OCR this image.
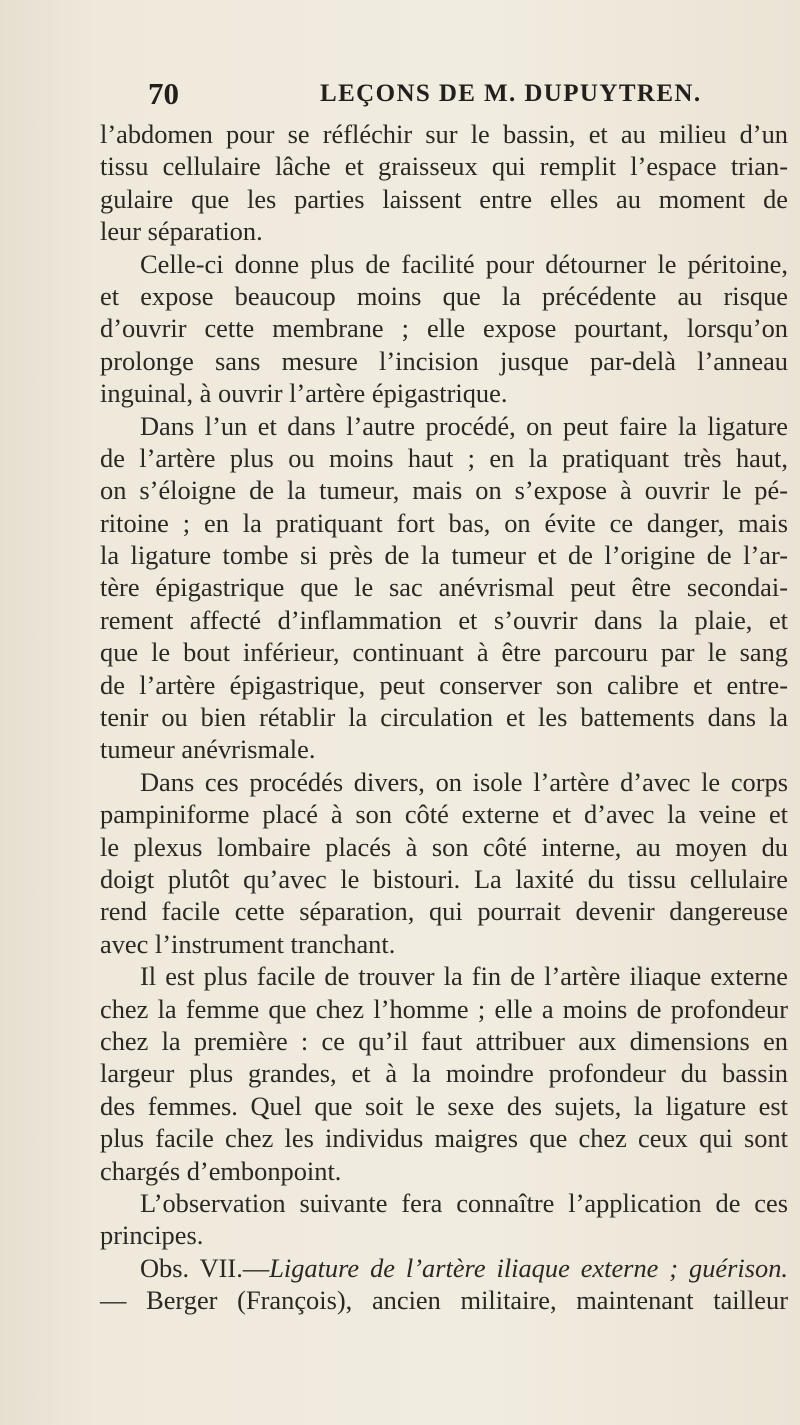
70	LEÇONS DE M. DUPUYTREN.
l’abdomen pour se réfléchir sur le bassin, et au milieu d’un
tissu cellulaire lâche et graisseux qui remplit l’espace trian-
gulaire que les parties laissent entre elles au moment de
leur séparation.
Celle-ci donne plus de facilité pour détourner le péritoine,
et expose beaucoup moins que la précédente au risque
d’ouvrir cette membrane ; elle expose pourtant, lorsqu’on
prolonge sans mesure l’incision jusque par-delà l’anneau
inguinal, à ouvrir l’artère épigastrique.
Dans l’un et dans l’autre procédé, on peut faire la ligature
de l’artère plus ou moins haut ; en la pratiquant très haut,
on s’éloigne de la tumeur, mais on s’expose à ouvrir le pé-
ritoine ; en la pratiquant fort bas, on évite ce danger, mais
la ligature tombe si près de la tumeur et de l’origine de l’ar-
tère épigastrique que le sac anévrismal peut être secondai-
rement affecté d’inflammation et s’ouvrir dans la plaie, et
que le bout inférieur, continuant à être parcouru par le sang
de l’artère épigastrique, peut conserver son calibre et entre-
tenir ou bien rétablir la circulation et les battements dans la
tumeur anévrismale.
Dans ces procédés divers, on isole l’artère d’avec le corps
pampiniforme placé à son côté externe et d’avec la veine et
le plexus lombaire placés à son côté interne, au moyen du
doigt plutôt qu’avec le bistouri. La laxité du tissu cellulaire
rend facile cette séparation, qui pourrait devenir dangereuse
avec l’instrument tranchant.
Il est plus facile de trouver la fin de l’artère iliaque externe
chez la femme que chez l’homme ; elle a moins de profondeur
chez la première : ce qu’il faut attribuer aux dimensions en
largeur plus grandes, et à la moindre profondeur du bassin
des femmes. Quel que soit le sexe des sujets, la ligature est
plus facile chez les individus maigres que chez ceux qui sont
chargés d’embonpoint.
L’observation suivante fera connaître l’application de ces
principes.
Obs. VII.—Ligature de l’artère iliaque externe ; guérison.
— Berger (François), ancien militaire, maintenant tailleur
